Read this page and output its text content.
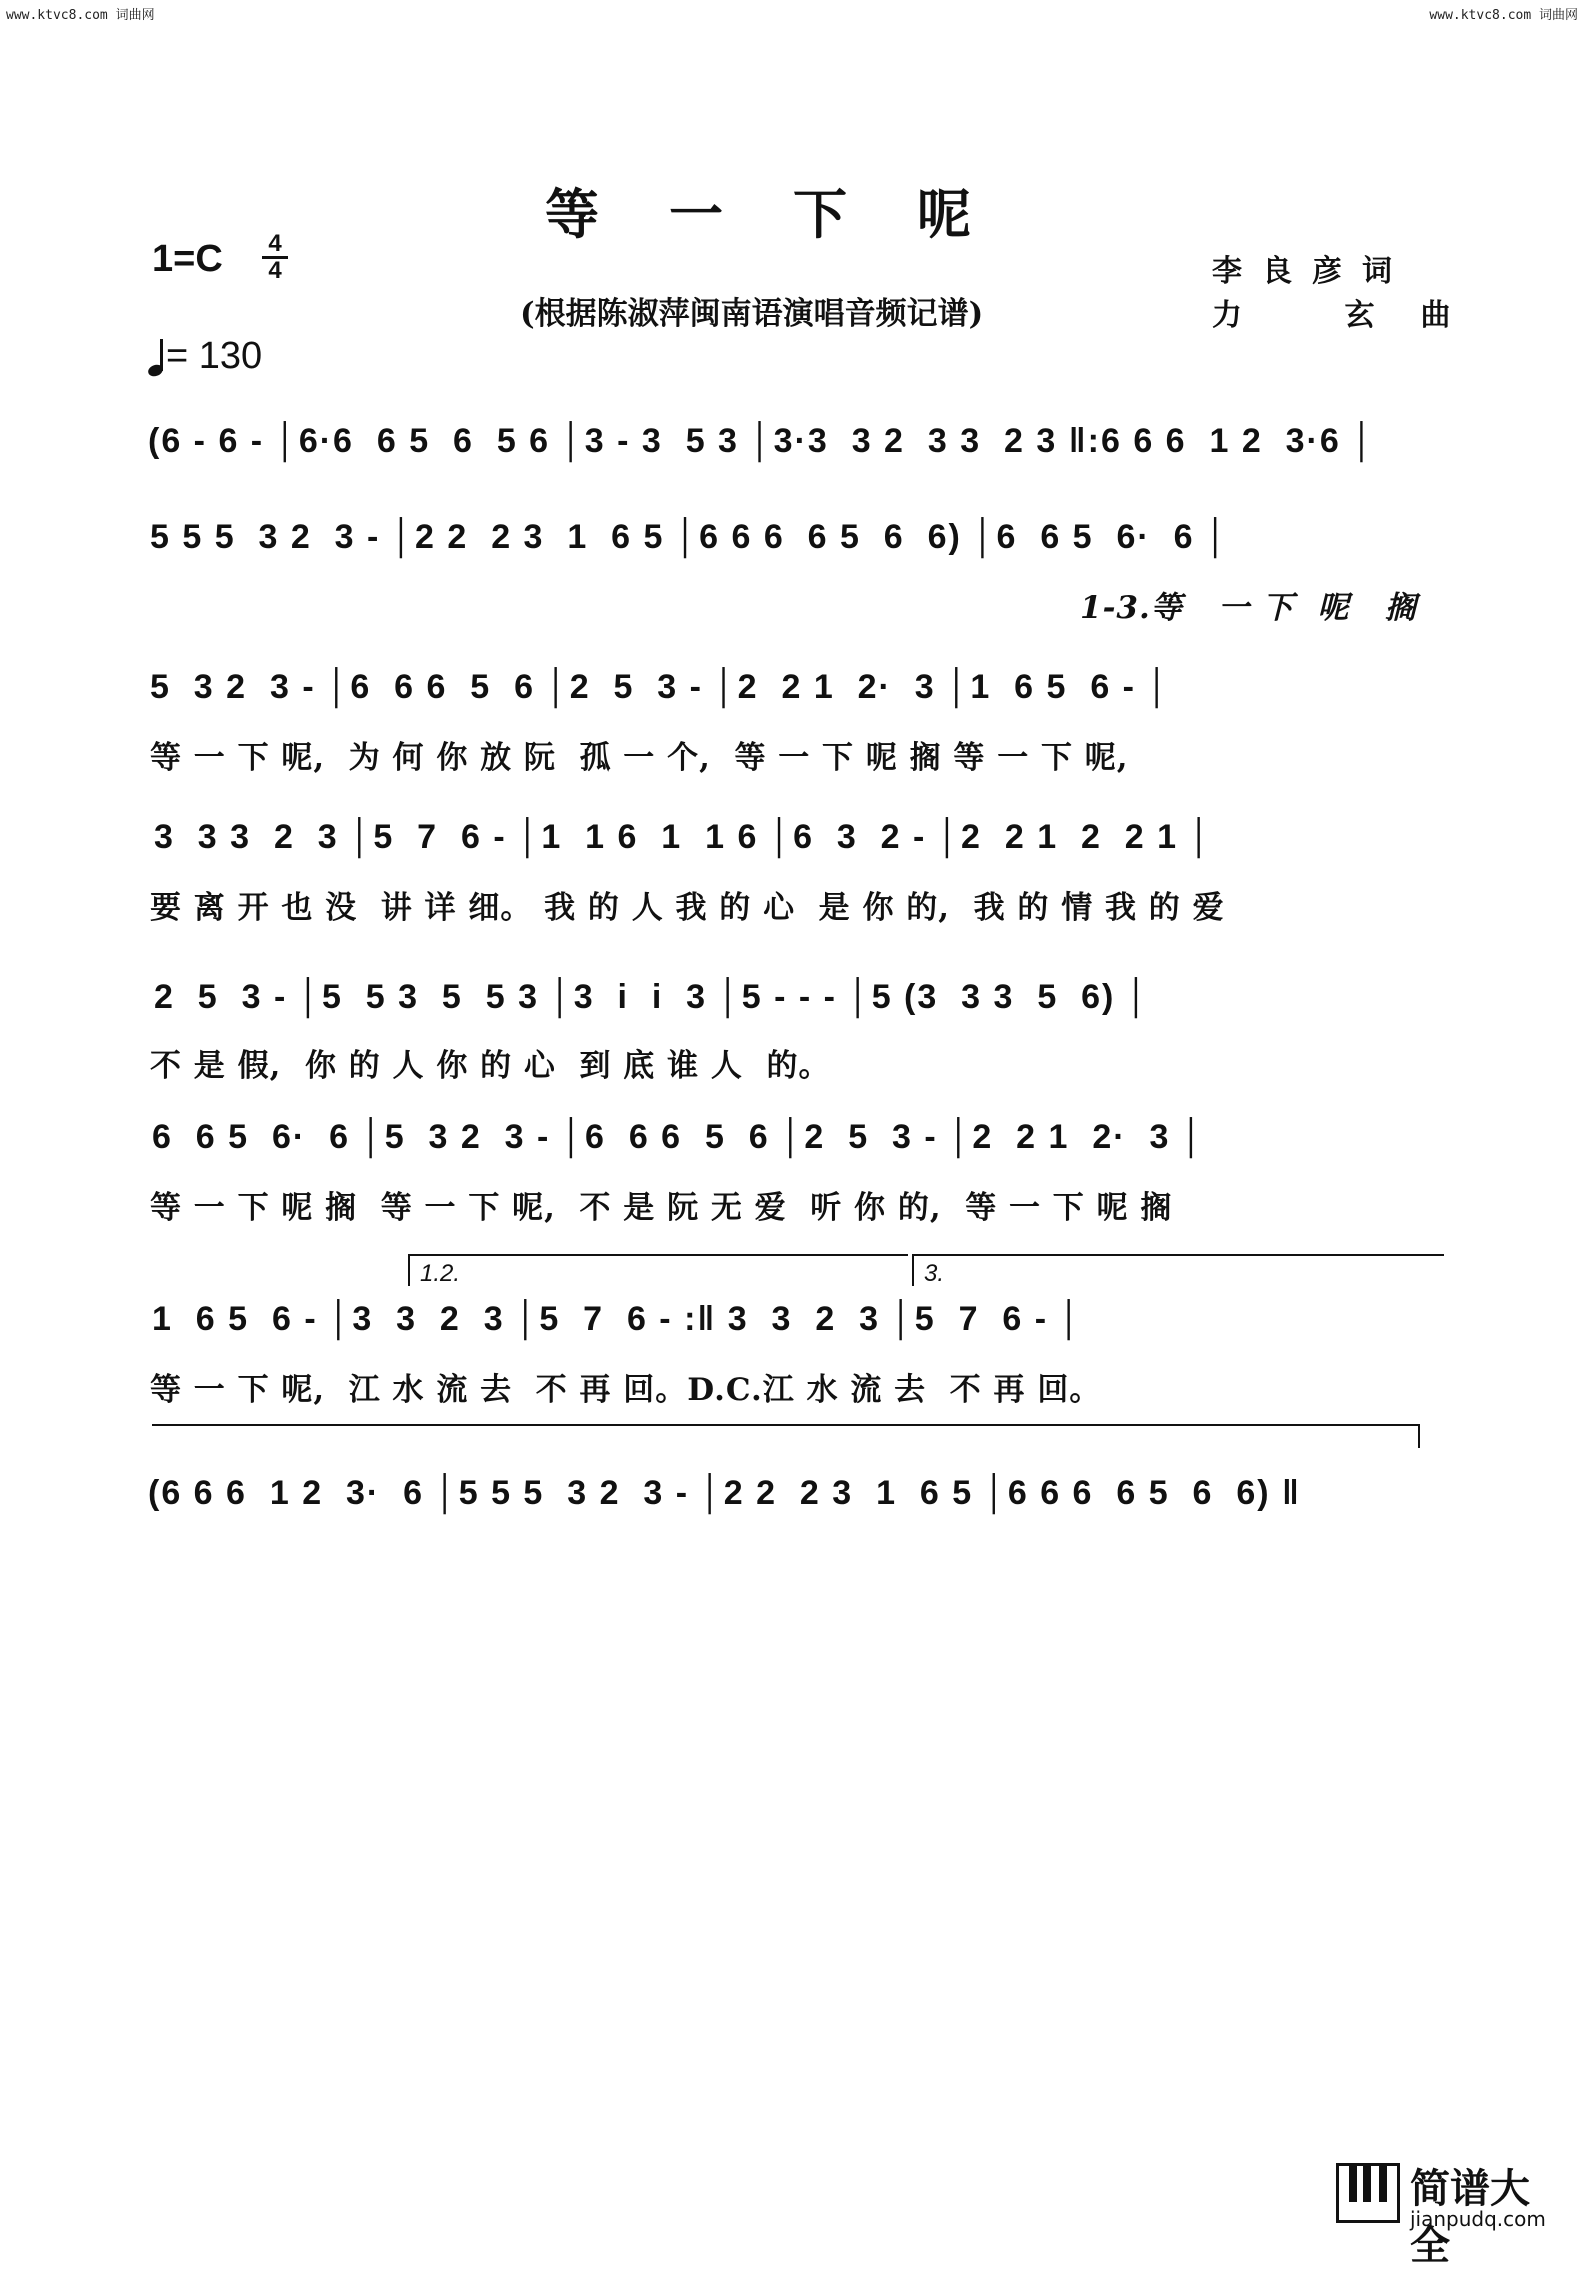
www.ktvc8.com 词曲网	www.ktvc8.com 词曲网
等一下呢
1=C 4
4
(根据陈淑萍闽南语演唱音频记谱)
李良彦词
力 玄曲
= 130
(6 - 6 - │6·6  6 5  6  5 6 │3 - 3  5 3 │3·3  3 2  3 3  2 3 ‖:6 6 6  1 2  3·6 │
5 5 5  3 2  3 - │2 2  2 3  1  6 5 │6 6 6  6 5  6  6) │6  6 5  6·  6 │
1-3.等   一 下  呢   搁
5  3 2  3 - │6  6 6  5  6 │2  5  3 - │2  2 1  2·  3 │1  6 5  6 - │
等 一 下 呢,  为 何 你 放 阮  孤 一 个,  等 一 下 呢 搁 等 一 下 呢,
3  3 3  2  3 │5  7  6 - │1  1 6  1  1 6 │6  3  2 - │2  2 1  2  2 1 │
要 离 开 也 没  讲 详 细。 我 的 人 我 的 心  是 你 的,  我 的 情 我 的 爱
2  5  3 - │5  5 3  5  5 3 │3  i  i  3 │5 - - - │5 (3  3 3  5  6) │
不 是 假,  你 的 人 你 的 心  到 底 谁 人  的。
6  6 5  6·  6 │5  3 2  3 - │6  6 6  5  6 │2  5  3 - │2  2 1  2·  3 │
等 一 下 呢 搁  等 一 下 呢,  不 是 阮 无 爱  听 你 的,  等 一 下 呢 搁
1.2.	3.
1  6 5  6 - │3  3  2  3 │5  7  6 - :‖ 3  3  2  3 │5  7  6 - │
等 一 下 呢,  江 水 流 去  不 再 回。D.C.江 水 流 去  不 再 回。
(6 6 6  1 2  3·  6 │5 5 5  3 2  3 - │2 2  2 3  1  6 5 │6 6 6  6 5  6  6) ‖
简谱大全
jianpudq.com
